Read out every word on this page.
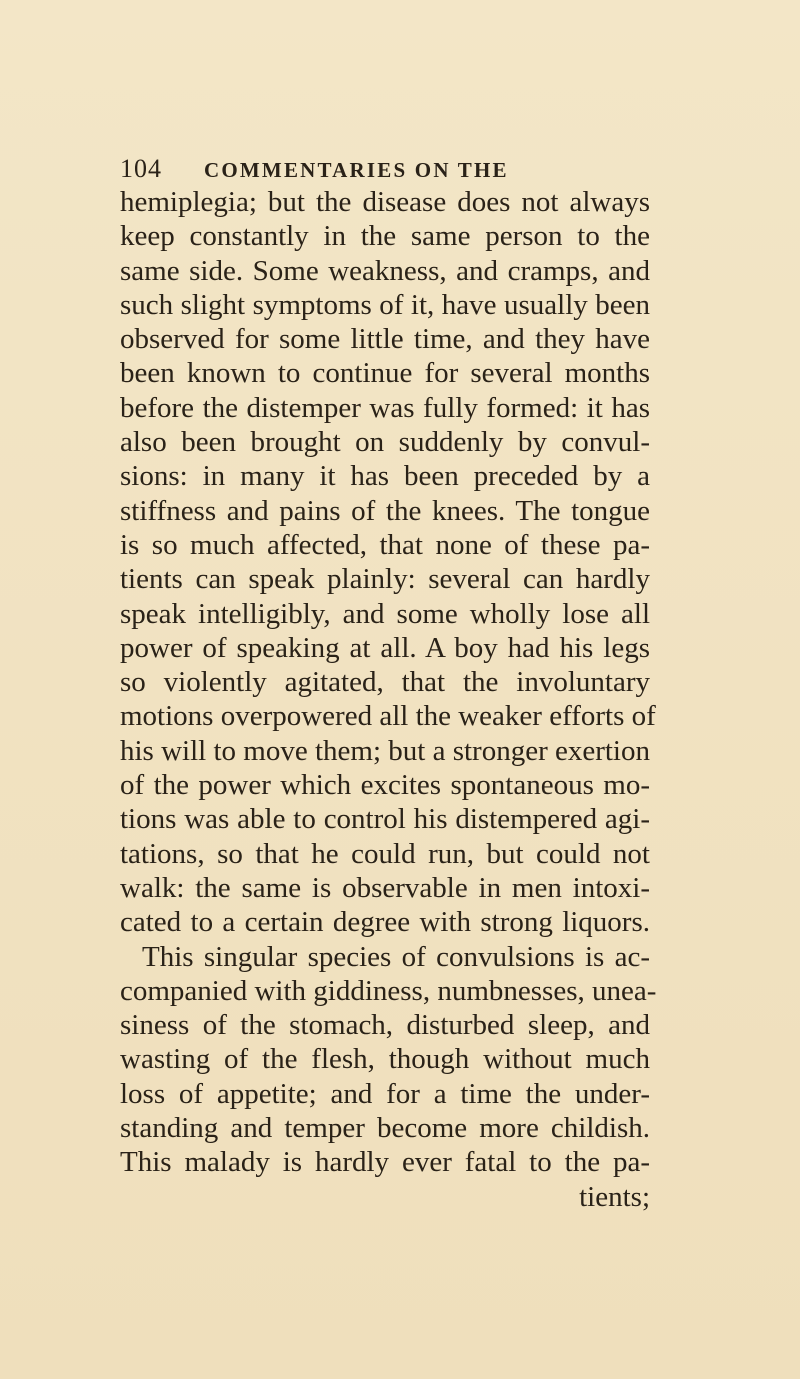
104 COMMENTARIES ON THE
hemiplegia; but the disease does not always
keep constantly in the same person to the
same side. Some weakness, and cramps, and
such slight symptoms of it, have usually been
observed for some little time, and they have
been known to continue for several months
before the distemper was fully formed: it has
also been brought on suddenly by convul-
sions: in many it has been preceded by a
stiffness and pains of the knees. The tongue
is so much affected, that none of these pa-
tients can speak plainly: several can hardly
speak intelligibly, and some wholly lose all
power of speaking at all. A boy had his legs
so violently agitated, that the involuntary
motions overpowered all the weaker efforts of
his will to move them; but a stronger exertion
of the power which excites spontaneous mo-
tions was able to control his distempered agi-
tations, so that he could run, but could not
walk: the same is observable in men intoxi-
cated to a certain degree with strong liquors.
This singular species of convulsions is ac-
companied with giddiness, numbnesses, unea-
siness of the stomach, disturbed sleep, and
wasting of the flesh, though without much
loss of appetite; and for a time the under-
standing and temper become more childish.
This malady is hardly ever fatal to the pa-
tients;
